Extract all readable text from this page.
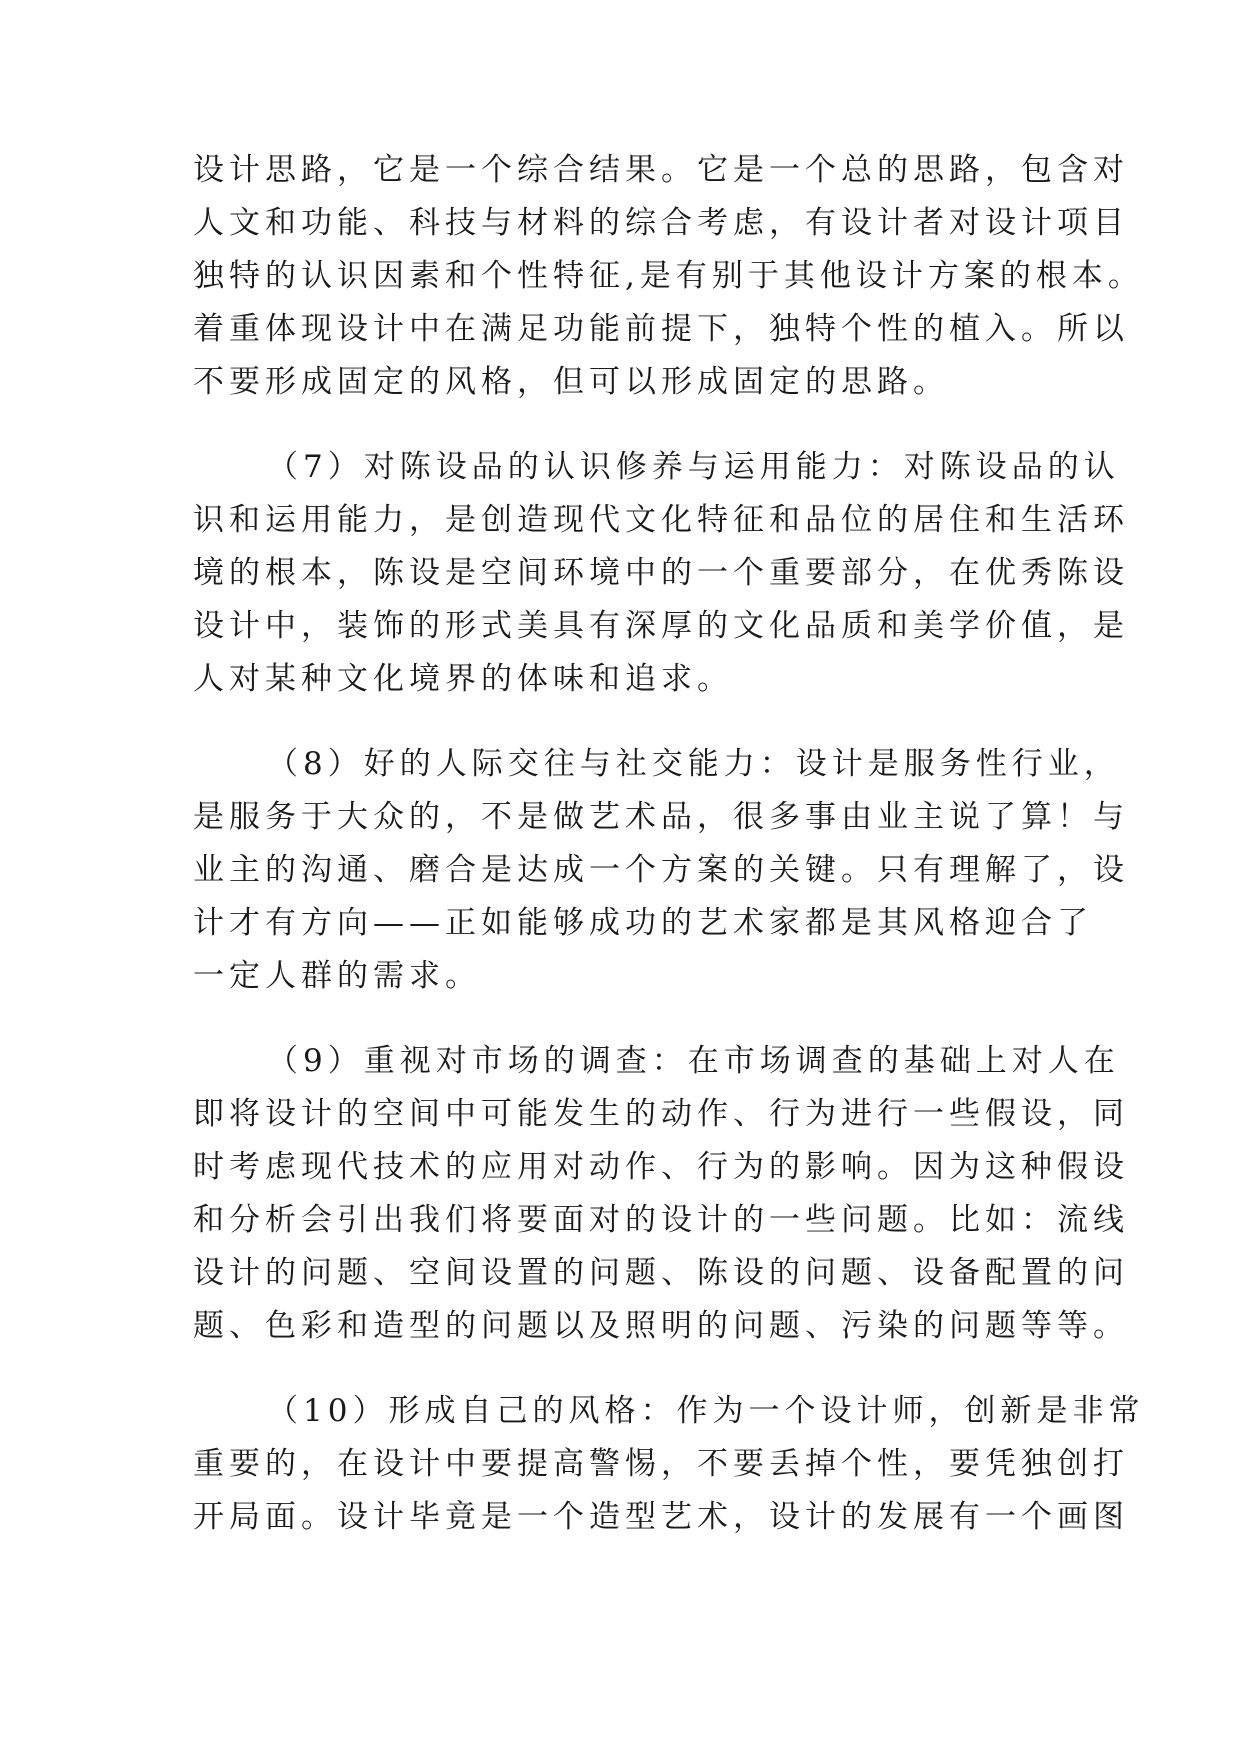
设计思路，它是一个综合结果。它是一个总的思路，包含对
人文和功能、科技与材料的综合考虑，有设计者对设计项目
独特的认识因素和个性特征,是有别于其他设计方案的根本。
着重体现设计中在满足功能前提下，独特个性的植入。所以
不要形成固定的风格，但可以形成固定的思路。
（7）对陈设品的认识修养与运用能力：对陈设品的认
识和运用能力，是创造现代文化特征和品位的居住和生活环
境的根本，陈设是空间环境中的一个重要部分，在优秀陈设
设计中，装饰的形式美具有深厚的文化品质和美学价值，是
人对某种文化境界的体味和追求。
（8）好的人际交往与社交能力：设计是服务性行业，
是服务于大众的，不是做艺术品，很多事由业主说了算！与
业主的沟通、磨合是达成一个方案的关键。只有理解了，设
计才有方向——正如能够成功的艺术家都是其风格迎合了
一定人群的需求。
（9）重视对市场的调查：在市场调查的基础上对人在
即将设计的空间中可能发生的动作、行为进行一些假设，同
时考虑现代技术的应用对动作、行为的影响。因为这种假设
和分析会引出我们将要面对的设计的一些问题。比如：流线
设计的问题、空间设置的问题、陈设的问题、设备配置的问
题、色彩和造型的问题以及照明的问题、污染的问题等等。
（10）形成自己的风格：作为一个设计师，创新是非常
重要的，在设计中要提高警惕，不要丢掉个性，要凭独创打
开局面。设计毕竟是一个造型艺术，设计的发展有一个画图
